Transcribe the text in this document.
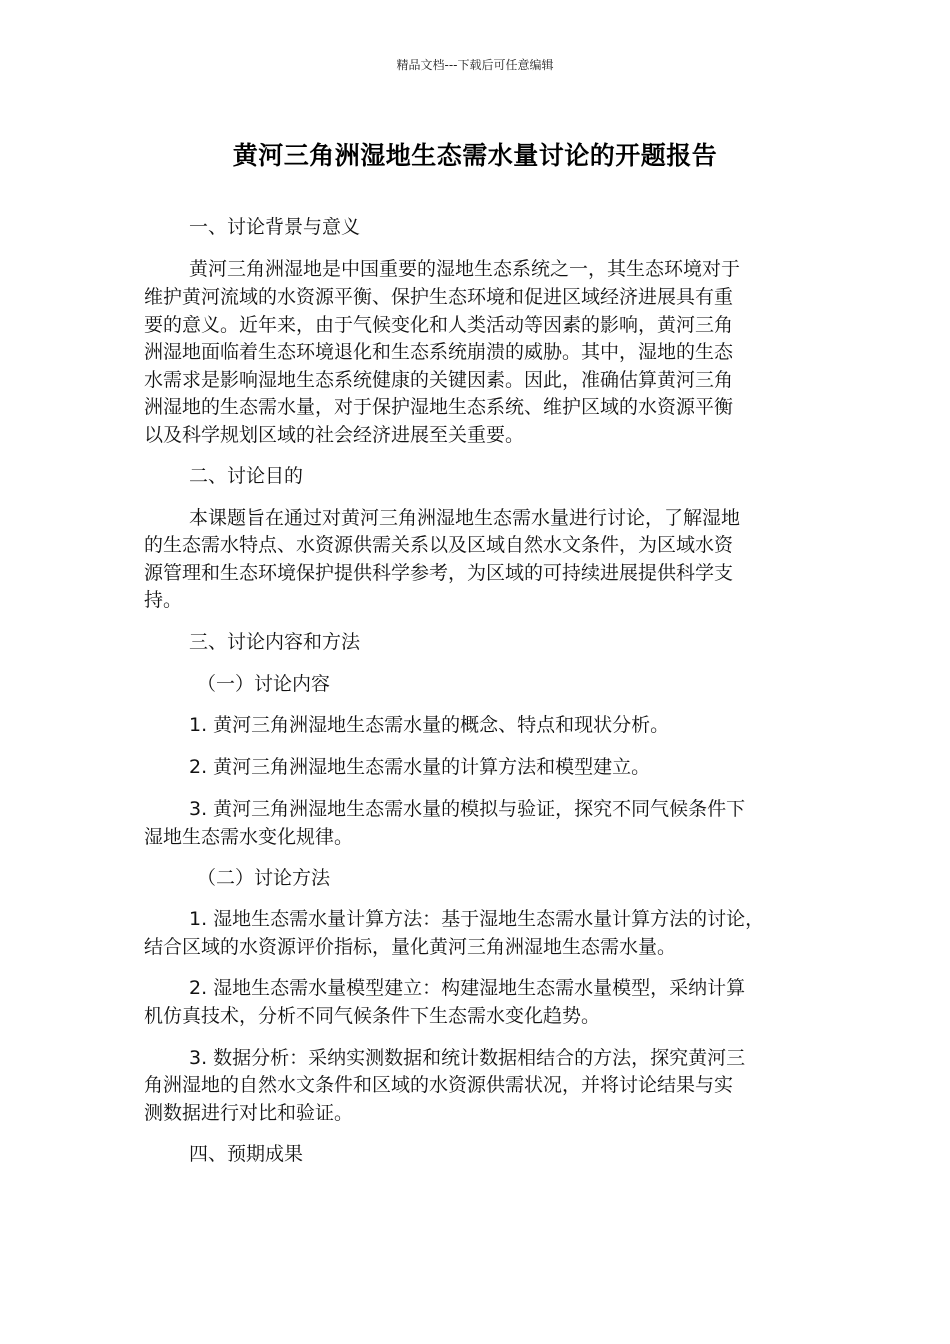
精品文档---下载后可任意编辑
黄河三角洲湿地生态需水量讨论的开题报告
一、讨论背景与意义
黄河三角洲湿地是中国重要的湿地生态系统之一，其生态环境对于
维护黄河流域的水资源平衡、保护生态环境和促进区域经济进展具有重
要的意义。近年来，由于气候变化和人类活动等因素的影响，黄河三角
洲湿地面临着生态环境退化和生态系统崩溃的威胁。其中，湿地的生态
水需求是影响湿地生态系统健康的关键因素。因此，准确估算黄河三角
洲湿地的生态需水量，对于保护湿地生态系统、维护区域的水资源平衡
以及科学规划区域的社会经济进展至关重要。
二、讨论目的
本课题旨在通过对黄河三角洲湿地生态需水量进行讨论，了解湿地
的生态需水特点、水资源供需关系以及区域自然水文条件，为区域水资
源管理和生态环境保护提供科学参考，为区域的可持续进展提供科学支
持。
三、讨论内容和方法
（一）讨论内容
1. 黄河三角洲湿地生态需水量的概念、特点和现状分析。
2. 黄河三角洲湿地生态需水量的计算方法和模型建立。
3. 黄河三角洲湿地生态需水量的模拟与验证，探究不同气候条件下
湿地生态需水变化规律。
（二）讨论方法
1. 湿地生态需水量计算方法：基于湿地生态需水量计算方法的讨论，
结合区域的水资源评价指标，量化黄河三角洲湿地生态需水量。
2. 湿地生态需水量模型建立：构建湿地生态需水量模型，采纳计算
机仿真技术，分析不同气候条件下生态需水变化趋势。
3. 数据分析：采纳实测数据和统计数据相结合的方法，探究黄河三
角洲湿地的自然水文条件和区域的水资源供需状况，并将讨论结果与实
测数据进行对比和验证。
四、预期成果
